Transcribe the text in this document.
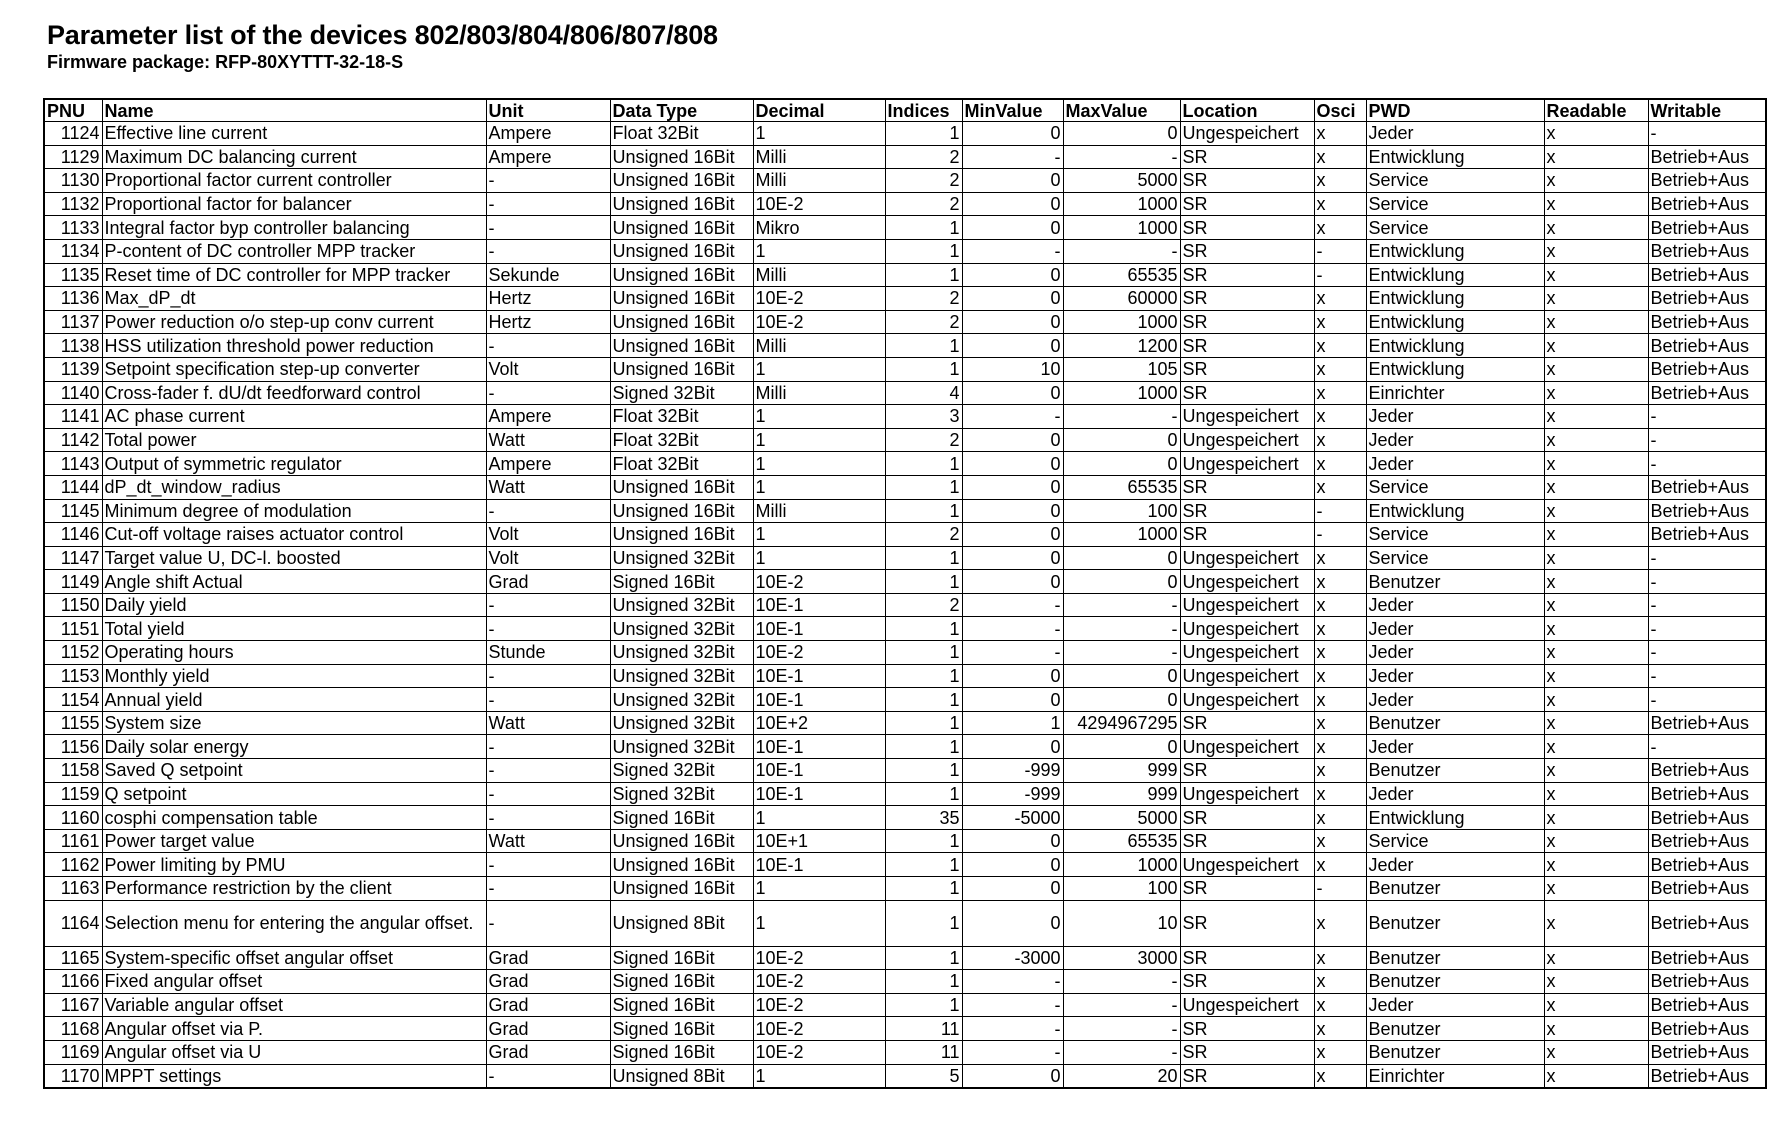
Parameter list of the devices 802/803/804/806/807/808
Firmware package: RFP-80XYTTT-32-18-S
PNU	Name	Unit	Data Type	Decimal	Indices	MinValue	MaxValue	Location	Osci	PWD	Readable	Writable
1124	Effective line current	Ampere	Float 32Bit	1	1	0	0	Ungespeichert	x	Jeder	x	-
1129	Maximum DC balancing current	Ampere	Unsigned 16Bit	Milli	2	-	-	SR	x	Entwicklung	x	Betrieb+Aus
1130	Proportional factor current controller	-	Unsigned 16Bit	Milli	2	0	5000	SR	x	Service	x	Betrieb+Aus
1132	Proportional factor for balancer	-	Unsigned 16Bit	10E-2	2	0	1000	SR	x	Service	x	Betrieb+Aus
1133	Integral factor byp controller balancing	-	Unsigned 16Bit	Mikro	1	0	1000	SR	x	Service	x	Betrieb+Aus
1134	P-content of DC controller MPP tracker	-	Unsigned 16Bit	1	1	-	-	SR	-	Entwicklung	x	Betrieb+Aus
1135	Reset time of DC controller for MPP tracker	Sekunde	Unsigned 16Bit	Milli	1	0	65535	SR	-	Entwicklung	x	Betrieb+Aus
1136	Max_dP_dt	Hertz	Unsigned 16Bit	10E-2	2	0	60000	SR	x	Entwicklung	x	Betrieb+Aus
1137	Power reduction o/o step-up conv current	Hertz	Unsigned 16Bit	10E-2	2	0	1000	SR	x	Entwicklung	x	Betrieb+Aus
1138	HSS utilization threshold power reduction	-	Unsigned 16Bit	Milli	1	0	1200	SR	x	Entwicklung	x	Betrieb+Aus
1139	Setpoint specification step-up converter	Volt	Unsigned 16Bit	1	1	10	105	SR	x	Entwicklung	x	Betrieb+Aus
1140	Cross-fader f. dU/dt feedforward control	-	Signed 32Bit	Milli	4	0	1000	SR	x	Einrichter	x	Betrieb+Aus
1141	AC phase current	Ampere	Float 32Bit	1	3	-	-	Ungespeichert	x	Jeder	x	-
1142	Total power	Watt	Float 32Bit	1	2	0	0	Ungespeichert	x	Jeder	x	-
1143	Output of symmetric regulator	Ampere	Float 32Bit	1	1	0	0	Ungespeichert	x	Jeder	x	-
1144	dP_dt_window_radius	Watt	Unsigned 16Bit	1	1	0	65535	SR	x	Service	x	Betrieb+Aus
1145	Minimum degree of modulation	-	Unsigned 16Bit	Milli	1	0	100	SR	-	Entwicklung	x	Betrieb+Aus
1146	Cut-off voltage raises actuator control	Volt	Unsigned 16Bit	1	2	0	1000	SR	-	Service	x	Betrieb+Aus
1147	Target value U, DC-l. boosted	Volt	Unsigned 32Bit	1	1	0	0	Ungespeichert	x	Service	x	-
1149	Angle shift Actual	Grad	Signed 16Bit	10E-2	1	0	0	Ungespeichert	x	Benutzer	x	-
1150	Daily yield	-	Unsigned 32Bit	10E-1	2	-	-	Ungespeichert	x	Jeder	x	-
1151	Total yield	-	Unsigned 32Bit	10E-1	1	-	-	Ungespeichert	x	Jeder	x	-
1152	Operating hours	Stunde	Unsigned 32Bit	10E-2	1	-	-	Ungespeichert	x	Jeder	x	-
1153	Monthly yield	-	Unsigned 32Bit	10E-1	1	0	0	Ungespeichert	x	Jeder	x	-
1154	Annual yield	-	Unsigned 32Bit	10E-1	1	0	0	Ungespeichert	x	Jeder	x	-
1155	System size	Watt	Unsigned 32Bit	10E+2	1	1	4294967295	SR	x	Benutzer	x	Betrieb+Aus
1156	Daily solar energy	-	Unsigned 32Bit	10E-1	1	0	0	Ungespeichert	x	Jeder	x	-
1158	Saved Q setpoint	-	Signed 32Bit	10E-1	1	-999	999	SR	x	Benutzer	x	Betrieb+Aus
1159	Q setpoint	-	Signed 32Bit	10E-1	1	-999	999	Ungespeichert	x	Jeder	x	Betrieb+Aus
1160	cosphi compensation table	-	Signed 16Bit	1	35	-5000	5000	SR	x	Entwicklung	x	Betrieb+Aus
1161	Power target value	Watt	Unsigned 16Bit	10E+1	1	0	65535	SR	x	Service	x	Betrieb+Aus
1162	Power limiting by PMU	-	Unsigned 16Bit	10E-1	1	0	1000	Ungespeichert	x	Jeder	x	Betrieb+Aus
1163	Performance restriction by the client	-	Unsigned 16Bit	1	1	0	100	SR	-	Benutzer	x	Betrieb+Aus
1164	Selection menu for entering the angular offset.	-	Unsigned 8Bit	1	1	0	10	SR	x	Benutzer	x	Betrieb+Aus
1165	System-specific offset angular offset	Grad	Signed 16Bit	10E-2	1	-3000	3000	SR	x	Benutzer	x	Betrieb+Aus
1166	Fixed angular offset	Grad	Signed 16Bit	10E-2	1	-	-	SR	x	Benutzer	x	Betrieb+Aus
1167	Variable angular offset	Grad	Signed 16Bit	10E-2	1	-	-	Ungespeichert	x	Jeder	x	Betrieb+Aus
1168	Angular offset via P.	Grad	Signed 16Bit	10E-2	11	-	-	SR	x	Benutzer	x	Betrieb+Aus
1169	Angular offset via U	Grad	Signed 16Bit	10E-2	11	-	-	SR	x	Benutzer	x	Betrieb+Aus
1170	MPPT settings	-	Unsigned 8Bit	1	5	0	20	SR	x	Einrichter	x	Betrieb+Aus
